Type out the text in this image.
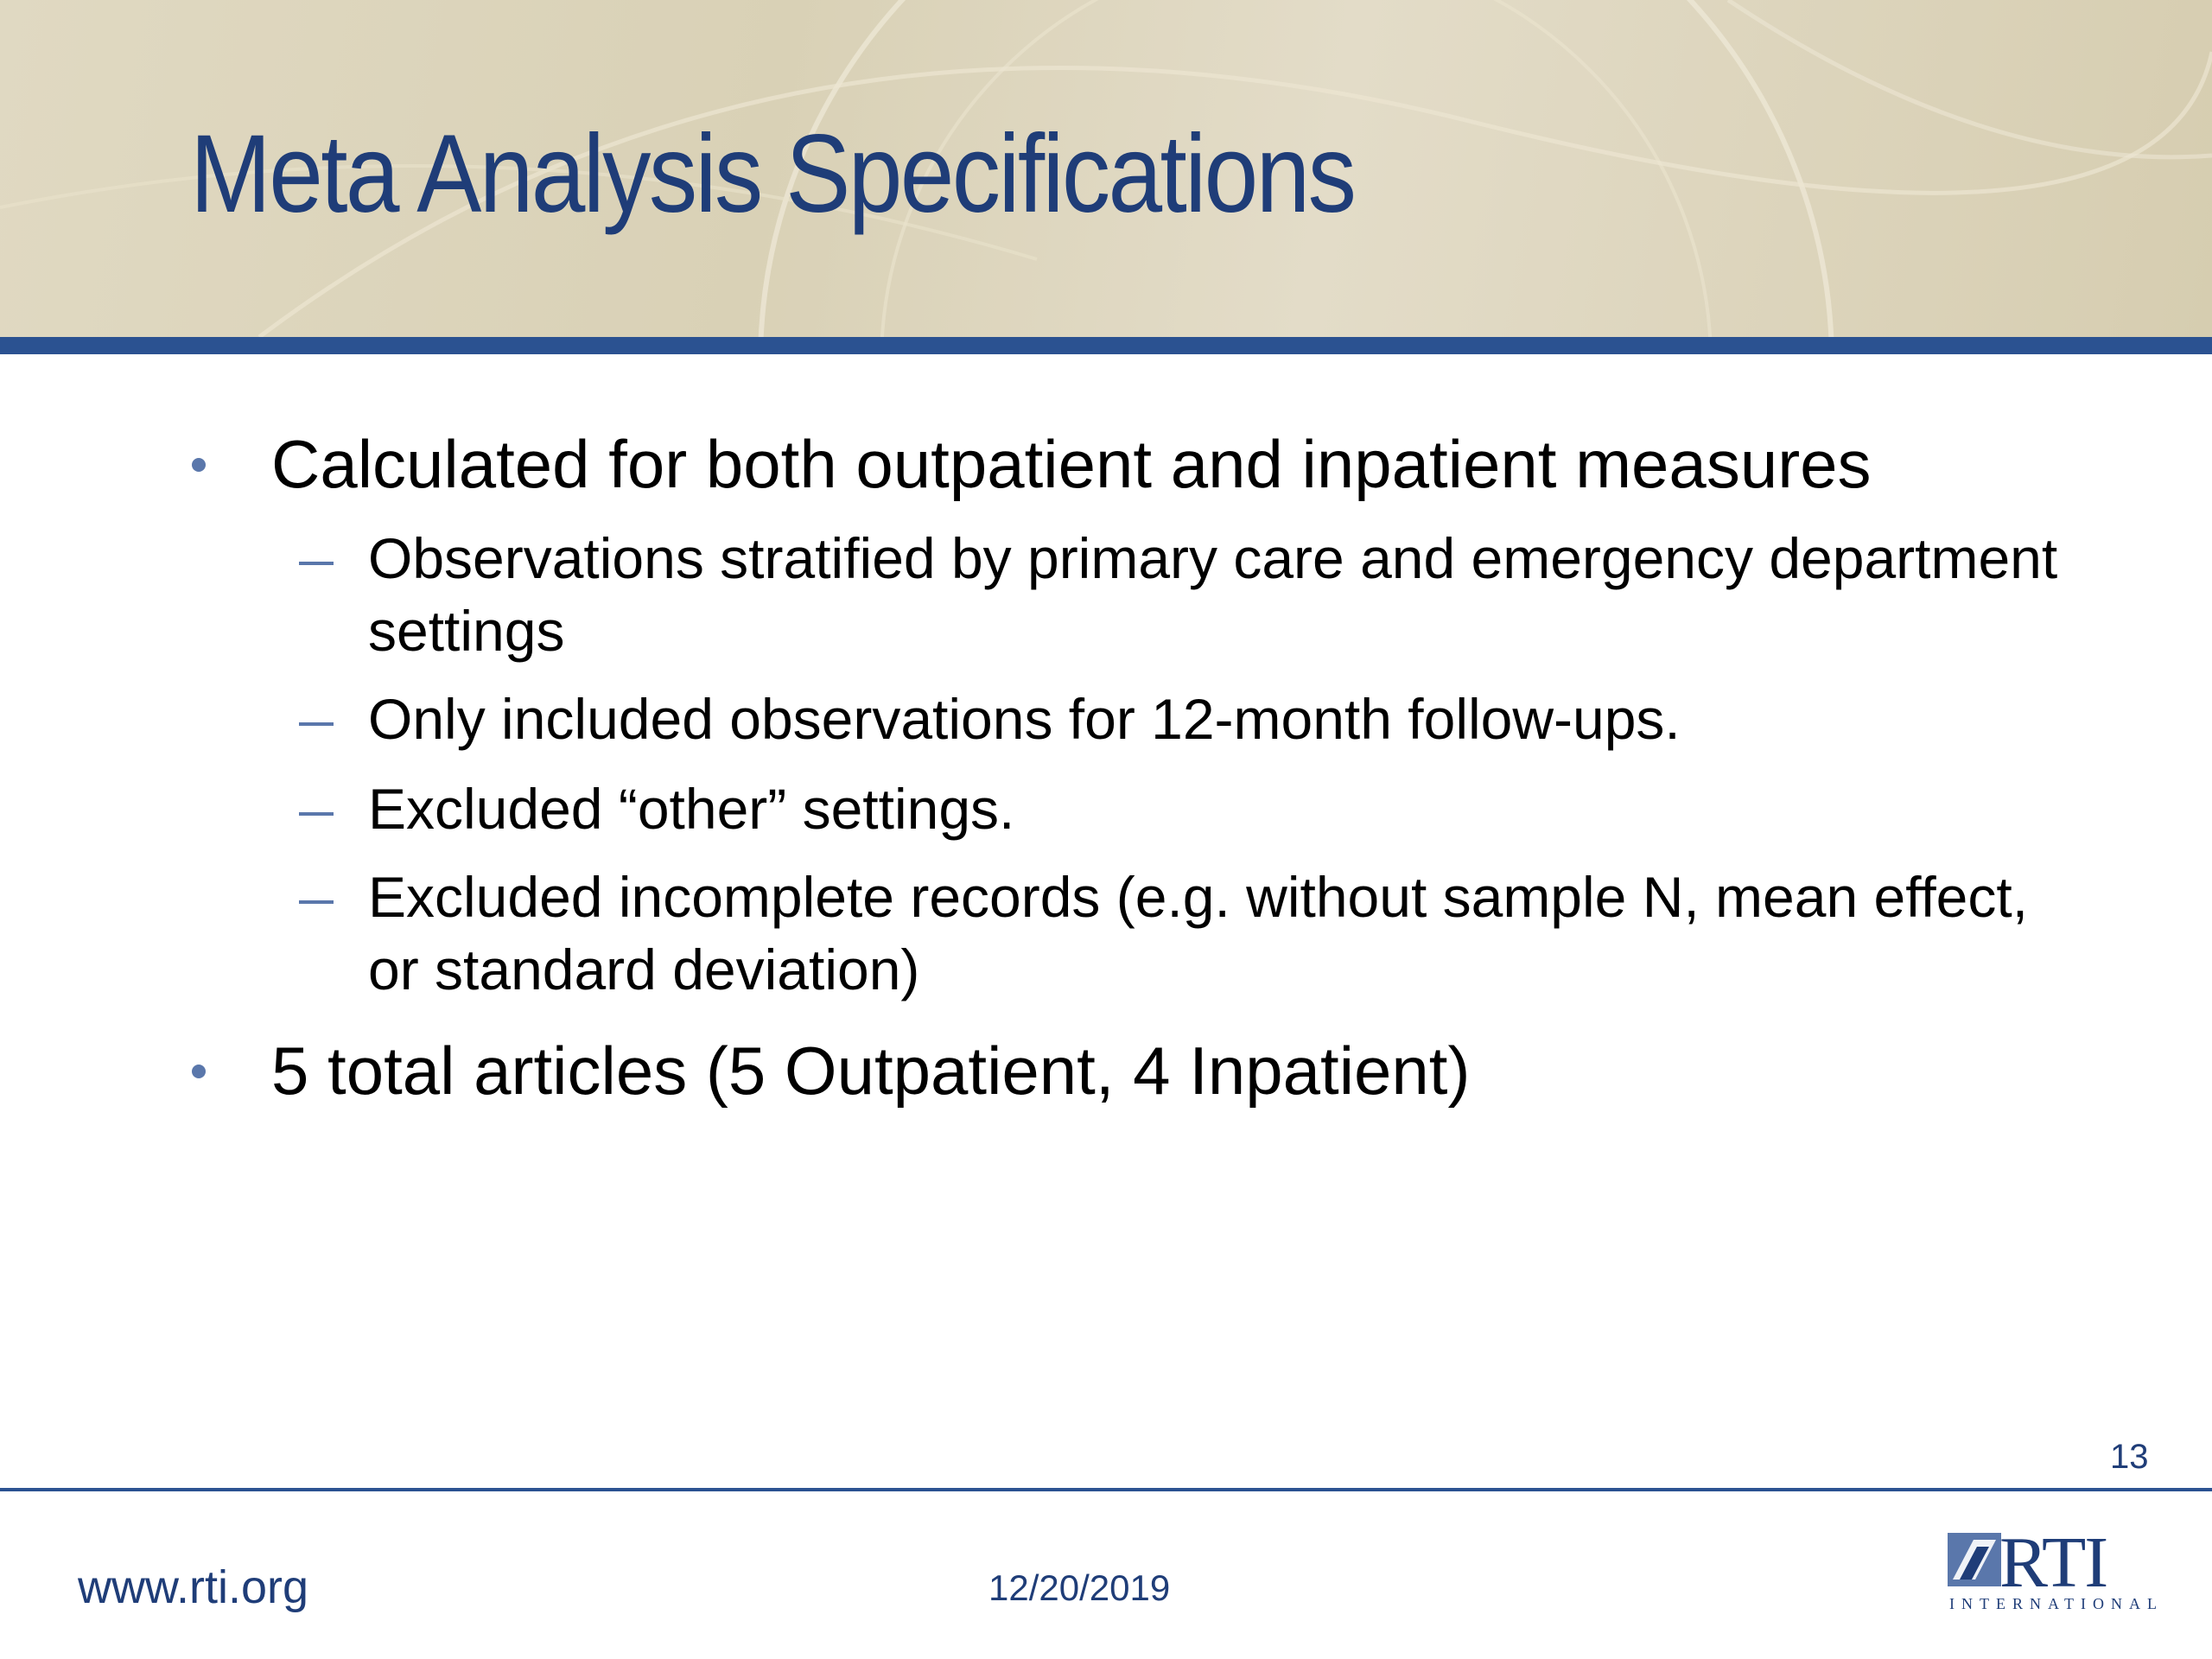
Meta Analysis Specifications
Calculated for both outpatient and inpatient measures
Observations stratified by primary care and emergency department settings
Only included observations for 12-month follow-ups.
Excluded “other” settings.
Excluded incomplete records (e.g. without sample N, mean effect, or standard deviation)
5 total articles (5 Outpatient, 4 Inpatient)
13
www.rti.org	12/20/2019	RTI
INTERNATIONAL
